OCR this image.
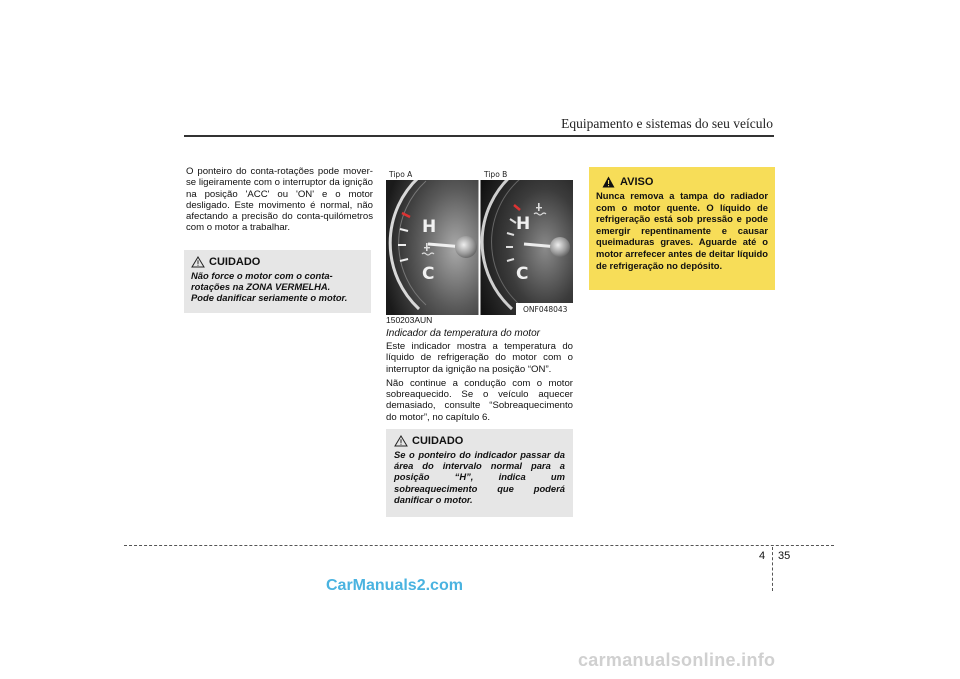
Equipamento e sistemas do seu veículo
O ponteiro do conta-rotações pode mover-se ligeiramente com o interruptor da ignição na posição 'ACC' ou 'ON' e o motor desligado. Este movimento é normal, não afectando a precisão do conta-quilómetros com o motor a trabalhar.
CUIDADO
Não force o motor com o conta-rotações na ZONA VERMELHA.
Pode danificar seriamente o motor.
H
C
Tipo A
H
C
Tipo B
ONF048043
150203AUN
Indicador da temperatura do motor

Este indicador mostra a temperatura do líquido de refrigeração do motor com o interruptor da ignição na posição “ON”.

Não continue a condução com o motor sobreaquecido. Se o veículo aquecer demasiado, consulte “Sobreaquecimento do motor”, no capítulo 6.

CUIDADO
Se o ponteiro do indicador passar da área do intervalo normal para a posição “H”, indica um sobreaquecimento que poderá danificar o motor.
AVISO
Nunca remova a tampa do radiador com o motor quente. O líquido de refrigeração está sob pressão e pode emergir repentinamente e causar queimaduras graves. Aguarde até o motor arrefecer antes de deitar líquido de refrigeração no depósito.
4 35
CarManuals2.com
carmanualsonline.info
